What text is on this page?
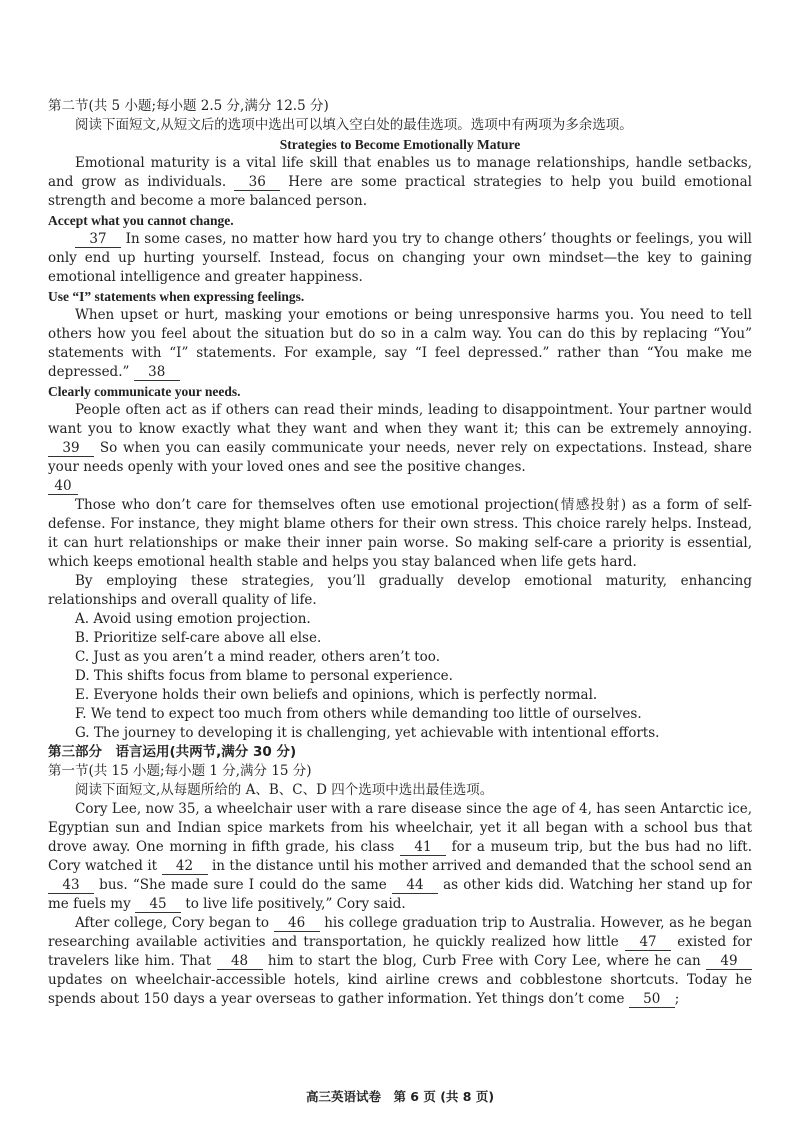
第二节(共 5 小题;每小题 2.5 分,满分 12.5 分)

阅读下面短文,从短文后的选项中选出可以填入空白处的最佳选项。选项中有两项为多余选项。

Strategies to Become Emotionally Mature

Emotional maturity is a vital life skill that enables us to manage relationships, handle setbacks, and grow as individuals. 36 Here are some practical strategies to help you build emotional strength and become a more balanced person.

Accept what you cannot change.

37 In some cases, no matter how hard you try to change others’ thoughts or feelings, you will only end up hurting yourself. Instead, focus on changing your own mindset—the key to gaining emotional intelligence and greater happiness.

Use “I” statements when expressing feelings.

When upset or hurt, masking your emotions or being unresponsive harms you. You need to tell others how you feel about the situation but do so in a calm way. You can do this by replacing “You” statements with “I” statements. For example, say “I feel depressed.” rather than “You make me depressed.” 38

Clearly communicate your needs.

People often act as if others can read their minds, leading to disappointment. Your partner would want you to know exactly what they want and when they want it; this can be extremely annoying. 39 So when you can easily communicate your needs, never rely on expectations. Instead, share your needs openly with your loved ones and see the positive changes.

40

Those who don’t care for themselves often use emotional projection(情感投射) as a form of self-defense. For instance, they might blame others for their own stress. This choice rarely helps. Instead, it can hurt relationships or make their inner pain worse. So making self-care a priority is essential, which keeps emotional health stable and helps you stay balanced when life gets hard.

By employing these strategies, you’ll gradually develop emotional maturity, enhancing relationships and overall quality of life.

A. Avoid using emotion projection.

B. Prioritize self-care above all else.

C. Just as you aren’t a mind reader, others aren’t too.

D. This shifts focus from blame to personal experience.

E. Everyone holds their own beliefs and opinions, which is perfectly normal.

F. We tend to expect too much from others while demanding too little of ourselves.

G. The journey to developing it is challenging, yet achievable with intentional efforts.

第三部分　语言运用(共两节,满分 30 分)

第一节(共 15 小题;每小题 1 分,满分 15 分)

阅读下面短文,从每题所给的 A、B、C、D 四个选项中选出最佳选项。

Cory Lee, now 35, a wheelchair user with a rare disease since the age of 4, has seen Antarctic ice, Egyptian sun and Indian spice markets from his wheelchair, yet it all began with a school bus that drove away. One morning in fifth grade, his class 41 for a museum trip, but the bus had no lift. Cory watched it 42 in the distance until his mother arrived and demanded that the school send an 43 bus. “She made sure I could do the same 44 as other kids did. Watching her stand up for me fuels my 45 to live life positively,” Cory said.

After college, Cory began to 46 his college graduation trip to Australia. However, as he began researching available activities and transportation, he quickly realized how little 47 existed for travelers like him. That 48 him to start the blog, Curb Free with Cory Lee, where he can 49 updates on wheelchair-accessible hotels, kind airline crews and cobblestone shortcuts. Today he spends about 150 days a year overseas to gather information. Yet things don’t come 50 ;

高三英语试卷　第 6 页 (共 8 页)
